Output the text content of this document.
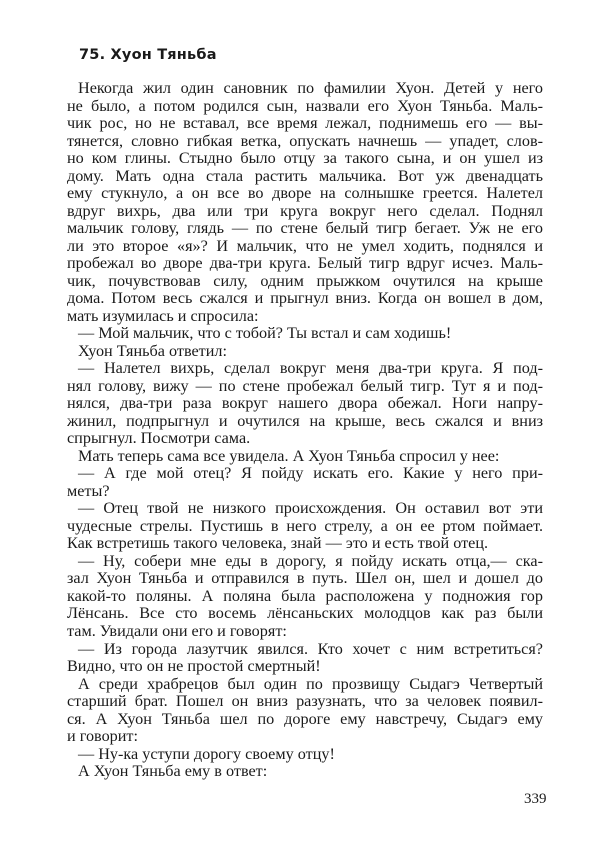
75. Хуон Тяньба
Некогда жил один сановник по фамилии Хуон. Детей у него
не было, а потом родился сын, назвали его Хуон Тяньба. Маль-
чик рос, но не вставал, все время лежал, поднимешь его — вы-
тянется, словно гибкая ветка, опускать начнешь — упадет, слов-
но ком глины. Стыдно было отцу за такого сына, и он ушел из
дому. Мать одна стала растить мальчика. Вот уж двенадцать
ему стукнуло, а он все во дворе на солнышке греется. Налетел
вдруг вихрь, два или три круга вокруг него сделал. Поднял
мальчик голову, глядь — по стене белый тигр бегает. Уж не его
ли это второе «я»? И мальчик, что не умел ходить, поднялся и
пробежал во дворе два-три круга. Белый тигр вдруг исчез. Маль-
чик, почувствовав силу, одним прыжком очутился на крыше
дома. Потом весь сжался и прыгнул вниз. Когда он вошел в дом,
мать изумилась и спросила:
— Мой мальчик, что с тобой? Ты встал и сам ходишь!
Хуон Тяньба ответил:
— Налетел вихрь, сделал вокруг меня два-три круга. Я под-
нял голову, вижу — по стене пробежал белый тигр. Тут я и под-
нялся, два-три раза вокруг нашего двора обежал. Ноги напру-
жинил, подпрыгнул и очутился на крыше, весь сжался и вниз
спрыгнул. Посмотри сама.
Мать теперь сама все увидела. А Хуон Тяньба спросил у нее:
— А где мой отец? Я пойду искать его. Какие у него при-
меты?
— Отец твой не низкого происхождения. Он оставил вот эти
чудесные стрелы. Пустишь в него стрелу, а он ее ртом поймает.
Как встретишь такого человека, знай — это и есть твой отец.
— Ну, собери мне еды в дорогу, я пойду искать отца,— ска-
зал Хуон Тяньба и отправился в путь. Шел он, шел и дошел до
какой-то поляны. А поляна была расположена у подножия гор
Лёнсань. Все сто восемь лёнсаньских молодцов как раз были
там. Увидали они его и говорят:
— Из города лазутчик явился. Кто хочет с ним встретиться?
Видно, что он не простой смертный!
А среди храбрецов был один по прозвищу Сыдагэ Четвертый
старший брат. Пошел он вниз разузнать, что за человек появил-
ся. А Хуон Тяньба шел по дороге ему навстречу, Сыдагэ ему
и говорит:
— Ну-ка уступи дорогу своему отцу!
А Хуон Тяньба ему в ответ:
339
